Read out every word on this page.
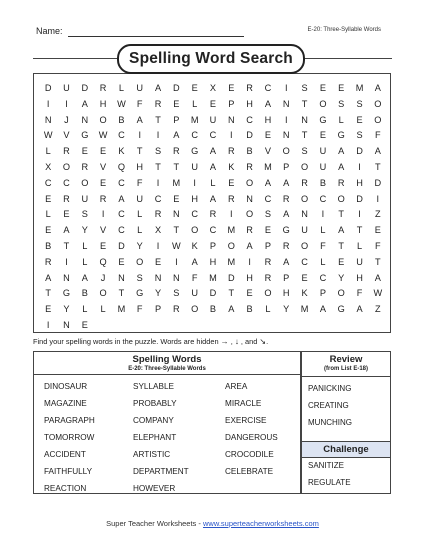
Name:	E-20: Three-Syllable Words
Spelling Word Search
D	U	D	R	L	U	A	D	E	X	E	R	C	I	S	E	E	M	A
I	I	A	H	W	F	R	E	L	E	P	H	A	N	T	O	S	S	O
N	J	N	O	B	A	T	P	M	U	N	C	H	I	N	G	L	E	O
W	V	G	W	C	I	I	A	C	C	I	D	E	N	T	E	G	S	F
L	R	E	E	K	T	S	R	G	A	R	B	V	O	S	U	A	D	A
X	O	R	V	Q	H	T	T	U	A	K	R	M	P	O	U	A	I	T
C	C	O	E	C	F	I	M	I	L	E	O	A	A	R	B	R	H	D
E	R	U	R	A	U	C	E	H	A	R	N	C	R	O	C	O	D	I
L	E	S	I	C	L	R	N	C	R	I	O	S	A	N	I	T	I	Z
E	A	Y	V	C	L	X	T	O	C	M	R	E	G	U	L	A	T	E
B	T	L	E	D	Y	I	W	K	P	O	A	P	R	O	F	T	L	F
R	I	L	Q	E	O	E	I	A	H	M	I	R	A	C	L	E	U	T
A	N	A	J	N	S	N	N	F	M	D	H	R	P	E	C	Y	H	A
T	G	B	O	T	G	Y	S	U	D	T	E	O	H	K	P	O	F	W
E	Y	L	L	M	F	P	R	O	B	A	B	L	Y	M	A	G	A	Z
I	N	E
Find your spelling words in the puzzle. Words are hidden → , ↓ , and ↘.
Spelling Words
E-20: Three-Syllable Words
DINOSAUR	SYLLABLE	AREA
MAGAZINE	PROBABLY	MIRACLE
PARAGRAPH	COMPANY	EXERCISE
TOMORROW	ELEPHANT	DANGEROUS
ACCIDENT	ARTISTIC	CROCODILE
FAITHFULLY	DEPARTMENT	CELEBRATE
REACTION	HOWEVER
Review
(from List E-18)
PANICKING
CREATING
MUNCHING
Challenge
SANITIZE
REGULATE
Super Teacher Worksheets - www.superteacherworksheets.com
